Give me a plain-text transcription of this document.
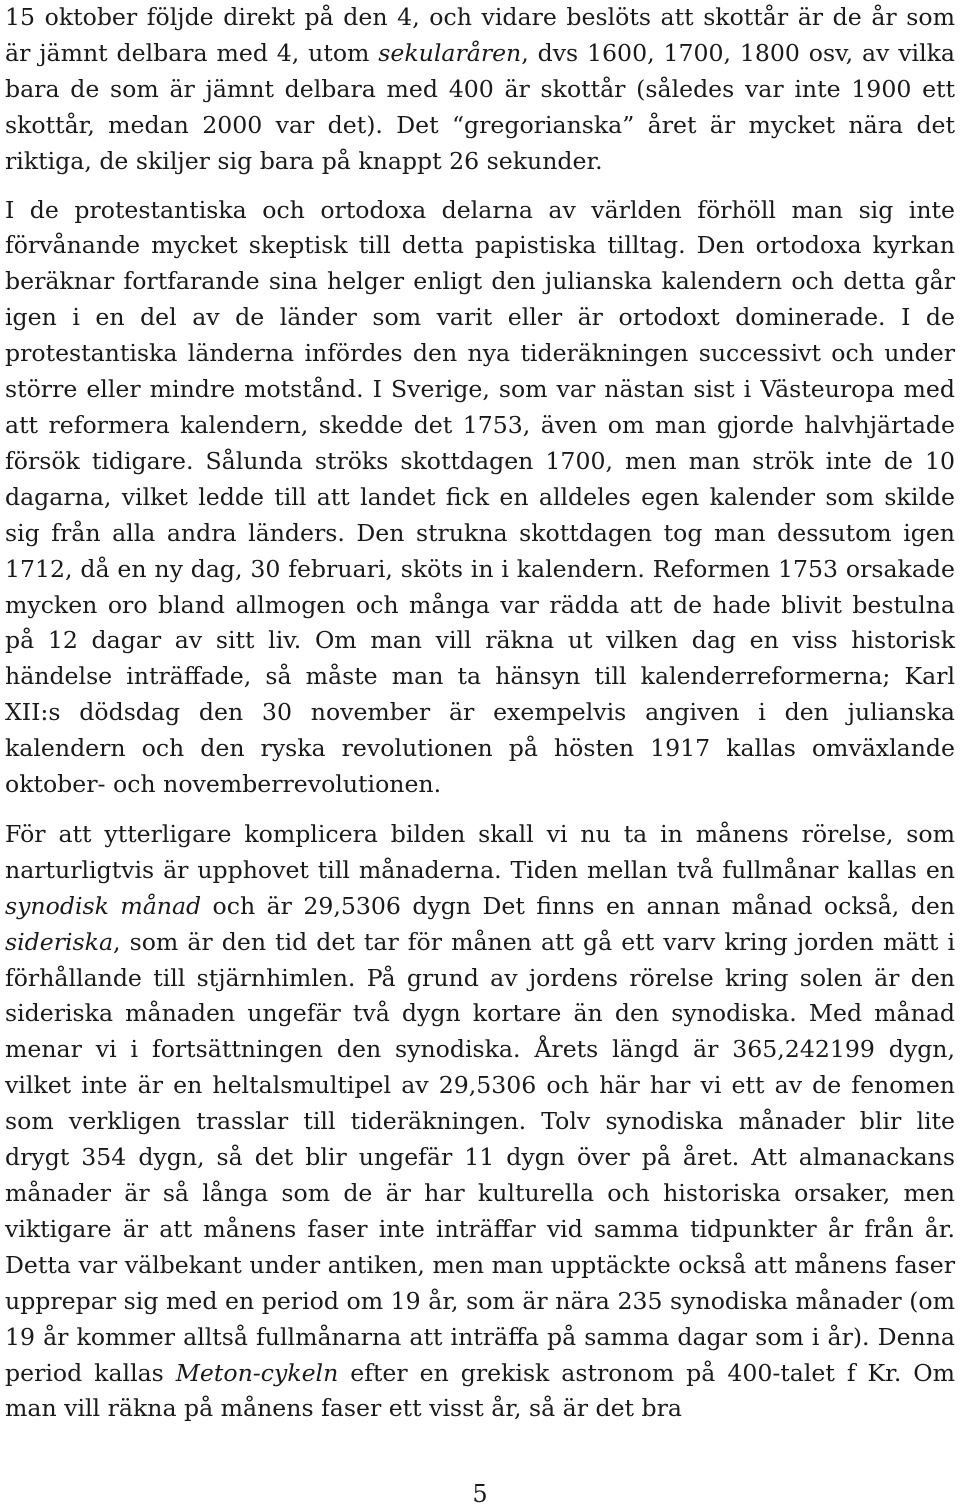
15 oktober följde direkt på den 4, och vidare beslöts att skottår är de år som är jämnt delbara med 4, utom sekularåren, dvs 1600, 1700, 1800 osv, av vilka bara de som är jämnt delbara med 400 är skottår (således var inte 1900 ett skottår, medan 2000 var det). Det “gregorianska” året är mycket nära det riktiga, de skiljer sig bara på knappt 26 sekunder.

I de protestantiska och ortodoxa delarna av världen förhöll man sig inte förvånande mycket skeptisk till detta papistiska tilltag. Den ortodoxa kyrkan beräknar fortfarande sina helger enligt den julianska kalendern och detta går igen i en del av de länder som varit eller är ortodoxt dominerade. I de protestantiska länderna infördes den nya tideräkningen successivt och under större eller mindre motstånd. I Sverige, som var nästan sist i Västeuropa med att reformera kalendern, skedde det 1753, även om man gjorde halvhjärtade försök tidigare. Sålunda ströks skottdagen 1700, men man strök inte de 10 dagarna, vilket ledde till att landet fick en alldeles egen kalender som skilde sig från alla andra länders. Den strukna skottdagen tog man dessutom igen 1712, då en ny dag, 30 februari, sköts in i kalendern. Reformen 1753 orsakade mycken oro bland allmogen och många var rädda att de hade blivit bestulna på 12 dagar av sitt liv. Om man vill räkna ut vilken dag en viss historisk händelse inträffade, så måste man ta hänsyn till kalenderreformerna; Karl XII:s dödsdag den 30 november är exempelvis angiven i den julianska kalendern och den ryska revolutionen på hösten 1917 kallas omväxlande oktober- och novemberrevolutionen.

För att ytterligare komplicera bilden skall vi nu ta in månens rörelse, som narturligtvis är upphovet till månaderna. Tiden mellan två fullmånar kallas en synodisk månad och är 29,5306 dygn Det finns en annan månad också, den sideriska, som är den tid det tar för månen att gå ett varv kring jorden mätt i förhållande till stjärnhimlen. På grund av jordens rörelse kring solen är den sideriska månaden ungefär två dygn kortare än den synodiska. Med månad menar vi i fortsättningen den synodiska. Årets längd är 365,242199 dygn, vilket inte är en heltalsmultipel av 29,5306 och här har vi ett av de fenomen som verkligen trasslar till tideräkningen. Tolv synodiska månader blir lite drygt 354 dygn, så det blir ungefär 11 dygn över på året. Att almanackans månader är så långa som de är har kulturella och historiska orsaker, men viktigare är att månens faser inte inträffar vid samma tidpunkter år från år. Detta var välbekant under antiken, men man upptäckte också att månens faser upprepar sig med en period om 19 år, som är nära 235 synodiska månader (om 19 år kommer alltså fullmånarna att inträffa på samma dagar som i år). Denna period kallas Meton-cykeln efter en grekisk astronom på 400-talet f Kr. Om man vill räkna på månens faser ett visst år, så är det bra

5
